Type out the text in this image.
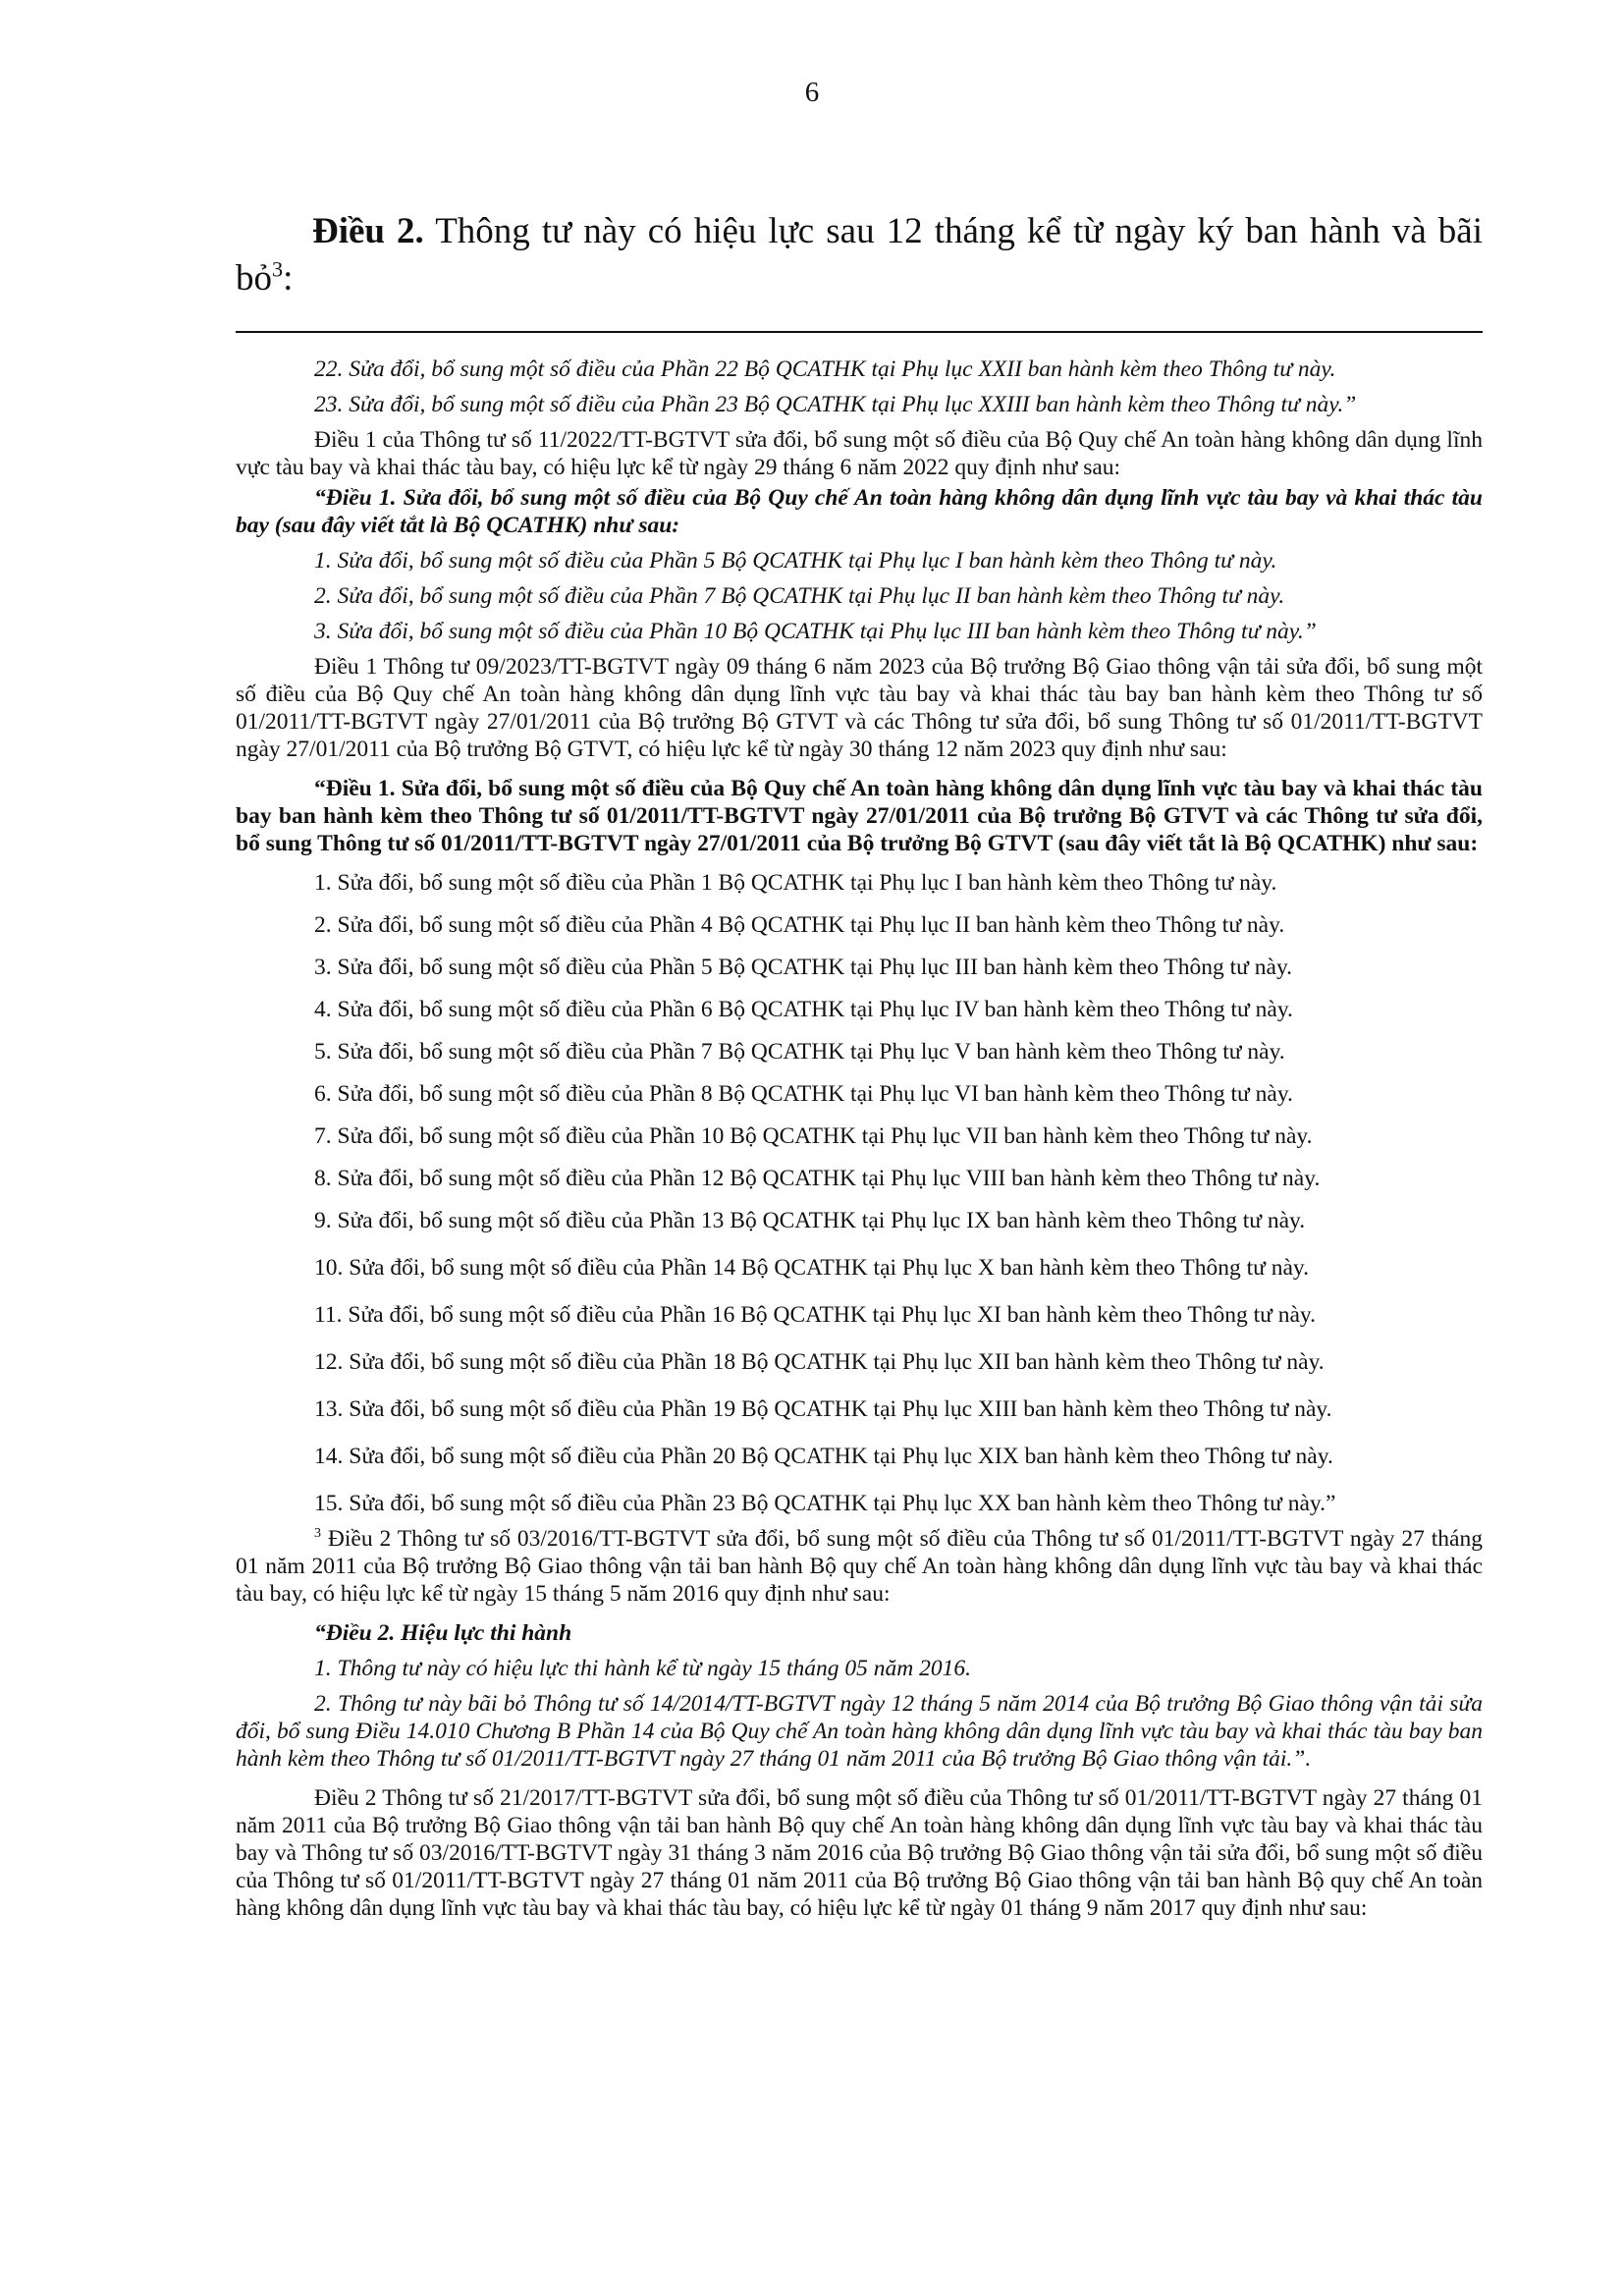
6
Điều 2. Thông tư này có hiệu lực sau 12 tháng kể từ ngày ký ban hành và bãi bỏ$^3$:

22. Sửa đổi, bổ sung một số điều của Phần 22 Bộ QCATHK tại Phụ lục XXII ban hành kèm theo Thông tư này.

23. Sửa đổi, bổ sung một số điều của Phần 23 Bộ QCATHK tại Phụ lục XXIII ban hành kèm theo Thông tư này.”

Điều 1 của Thông tư số 11/2022/TT-BGTVT sửa đổi, bổ sung một số điều của Bộ Quy chế An toàn hàng không dân dụng lĩnh vực tàu bay và khai thác tàu bay, có hiệu lực kể từ ngày 29 tháng 6 năm 2022 quy định như sau:

“Điều 1. Sửa đổi, bổ sung một số điều của Bộ Quy chế An toàn hàng không dân dụng lĩnh vực tàu bay và khai thác tàu bay (sau đây viết tắt là Bộ QCATHK) như sau:

1. Sửa đổi, bổ sung một số điều của Phần 5 Bộ QCATHK tại Phụ lục I ban hành kèm theo Thông tư này.

2. Sửa đổi, bổ sung một số điều của Phần 7 Bộ QCATHK tại Phụ lục II ban hành kèm theo Thông tư này.

3. Sửa đổi, bổ sung một số điều của Phần 10 Bộ QCATHK tại Phụ lục III ban hành kèm theo Thông tư này.”

Điều 1 Thông tư 09/2023/TT-BGTVT ngày 09 tháng 6 năm 2023 của Bộ trưởng Bộ Giao thông vận tải sửa đổi, bổ sung một số điều của Bộ Quy chế An toàn hàng không dân dụng lĩnh vực tàu bay và khai thác tàu bay ban hành kèm theo Thông tư số 01/2011/TT-BGTVT ngày 27/01/2011 của Bộ trưởng Bộ GTVT và các Thông tư sửa đổi, bổ sung Thông tư số 01/2011/TT-BGTVT ngày 27/01/2011 của Bộ trưởng Bộ GTVT, có hiệu lực kể từ ngày 30 tháng 12 năm 2023 quy định như sau:

“Điều 1. Sửa đổi, bổ sung một số điều của Bộ Quy chế An toàn hàng không dân dụng lĩnh vực tàu bay và khai thác tàu bay ban hành kèm theo Thông tư số 01/2011/TT-BGTVT ngày 27/01/2011 của Bộ trưởng Bộ GTVT và các Thông tư sửa đổi, bổ sung Thông tư số 01/2011/TT-BGTVT ngày 27/01/2011 của Bộ trưởng Bộ GTVT (sau đây viết tắt là Bộ QCATHK) như sau:

1. Sửa đổi, bổ sung một số điều của Phần 1 Bộ QCATHK tại Phụ lục I ban hành kèm theo Thông tư này.

2. Sửa đổi, bổ sung một số điều của Phần 4 Bộ QCATHK tại Phụ lục II ban hành kèm theo Thông tư này.

3. Sửa đổi, bổ sung một số điều của Phần 5 Bộ QCATHK tại Phụ lục III ban hành kèm theo Thông tư này.

4. Sửa đổi, bổ sung một số điều của Phần 6 Bộ QCATHK tại Phụ lục IV ban hành kèm theo Thông tư này.

5. Sửa đổi, bổ sung một số điều của Phần 7 Bộ QCATHK tại Phụ lục V ban hành kèm theo Thông tư này.

6. Sửa đổi, bổ sung một số điều của Phần 8 Bộ QCATHK tại Phụ lục VI ban hành kèm theo Thông tư này.

7. Sửa đổi, bổ sung một số điều của Phần 10 Bộ QCATHK tại Phụ lục VII ban hành kèm theo Thông tư này.

8. Sửa đổi, bổ sung một số điều của Phần 12 Bộ QCATHK tại Phụ lục VIII ban hành kèm theo Thông tư này.

9. Sửa đổi, bổ sung một số điều của Phần 13 Bộ QCATHK tại Phụ lục IX ban hành kèm theo Thông tư này.

10. Sửa đổi, bổ sung một số điều của Phần 14 Bộ QCATHK tại Phụ lục X ban hành kèm theo Thông tư này.

11. Sửa đổi, bổ sung một số điều của Phần 16 Bộ QCATHK tại Phụ lục XI ban hành kèm theo Thông tư này.

12. Sửa đổi, bổ sung một số điều của Phần 18 Bộ QCATHK tại Phụ lục XII ban hành kèm theo Thông tư này.

13. Sửa đổi, bổ sung một số điều của Phần 19 Bộ QCATHK tại Phụ lục XIII ban hành kèm theo Thông tư này.

14. Sửa đổi, bổ sung một số điều của Phần 20 Bộ QCATHK tại Phụ lục XIX ban hành kèm theo Thông tư này.

15. Sửa đổi, bổ sung một số điều của Phần 23 Bộ QCATHK tại Phụ lục XX ban hành kèm theo Thông tư này.”

$^3$ Điều 2 Thông tư số 03/2016/TT-BGTVT sửa đổi, bổ sung một số điều của Thông tư số 01/2011/TT-BGTVT ngày 27 tháng 01 năm 2011 của Bộ trưởng Bộ Giao thông vận tải ban hành Bộ quy chế An toàn hàng không dân dụng lĩnh vực tàu bay và khai thác tàu bay, có hiệu lực kể từ ngày 15 tháng 5 năm 2016 quy định như sau:

“Điều 2. Hiệu lực thi hành

1. Thông tư này có hiệu lực thi hành kể từ ngày 15 tháng 05 năm 2016.

2. Thông tư này bãi bỏ Thông tư số 14/2014/TT-BGTVT ngày 12 tháng 5 năm 2014 của Bộ trưởng Bộ Giao thông vận tải sửa đổi, bổ sung Điều 14.010 Chương B Phần 14 của Bộ Quy chế An toàn hàng không dân dụng lĩnh vực tàu bay và khai thác tàu bay ban hành kèm theo Thông tư số 01/2011/TT-BGTVT ngày 27 tháng 01 năm 2011 của Bộ trưởng Bộ Giao thông vận tải.”.

Điều 2 Thông tư số 21/2017/TT-BGTVT sửa đổi, bổ sung một số điều của Thông tư số 01/2011/TT-BGTVT ngày 27 tháng 01 năm 2011 của Bộ trưởng Bộ Giao thông vận tải ban hành Bộ quy chế An toàn hàng không dân dụng lĩnh vực tàu bay và khai thác tàu bay và Thông tư số 03/2016/TT-BGTVT ngày 31 tháng 3 năm 2016 của Bộ trưởng Bộ Giao thông vận tải sửa đổi, bổ sung một số điều của Thông tư số 01/2011/TT-BGTVT ngày 27 tháng 01 năm 2011 của Bộ trưởng Bộ Giao thông vận tải ban hành Bộ quy chế An toàn hàng không dân dụng lĩnh vực tàu bay và khai thác tàu bay, có hiệu lực kể từ ngày 01 tháng 9 năm 2017 quy định như sau:
